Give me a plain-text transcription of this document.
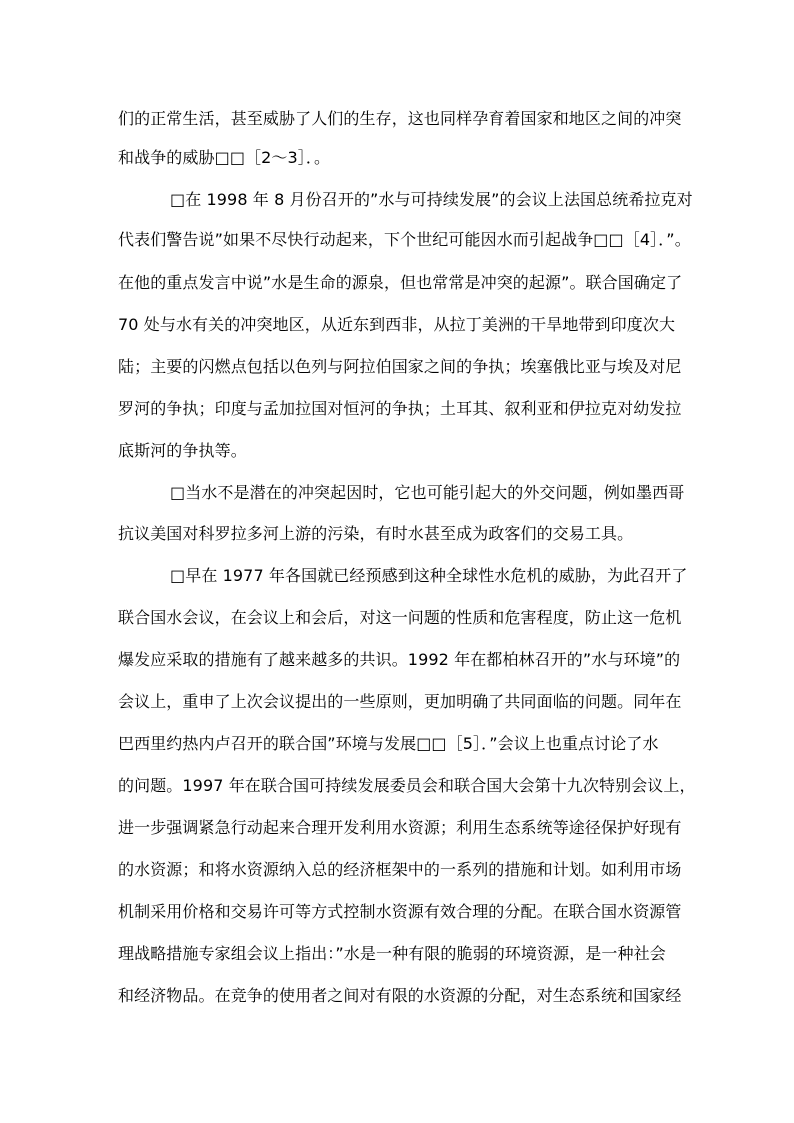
们的正常生活，甚至威胁了人们的生存，这也同样孕育着国家和地区之间的冲突
和战争的威胁□□［2～3］．。
□在 1998 年 8 月份召开的”水与可持续发展”的会议上法国总统希拉克对
代表们警告说”如果不尽快行动起来，下个世纪可能因水而引起战争□□［4］．”。
在他的重点发言中说”水是生命的源泉，但也常常是冲突的起源”。联合国确定了
70 处与水有关的冲突地区，从近东到西非，从拉丁美洲的干旱地带到印度次大
陆；主要的闪燃点包括以色列与阿拉伯国家之间的争执；埃塞俄比亚与埃及对尼
罗河的争执；印度与孟加拉国对恒河的争执；土耳其、叙利亚和伊拉克对幼发拉
底斯河的争执等。
□当水不是潜在的冲突起因时，它也可能引起大的外交问题，例如墨西哥
抗议美国对科罗拉多河上游的污染，有时水甚至成为政客们的交易工具。
□早在 1977 年各国就已经预感到这种全球性水危机的威胁，为此召开了
联合国水会议，在会议上和会后，对这一问题的性质和危害程度，防止这一危机
爆发应采取的措施有了越来越多的共识。1992 年在都柏林召开的”水与环境”的
会议上，重申了上次会议提出的一些原则，更加明确了共同面临的问题。同年在
巴西里约热内卢召开的联合国”环境与发展□□［5］．”会议上也重点讨论了水
的问题。1997 年在联合国可持续发展委员会和联合国大会第十九次特别会议上，
进一步强调紧急行动起来合理开发利用水资源；利用生态系统等途径保护好现有
的水资源；和将水资源纳入总的经济框架中的一系列的措施和计划。如利用市场
机制采用价格和交易许可等方式控制水资源有效合理的分配。在联合国水资源管
理战略措施专家组会议上指出：”水是一种有限的脆弱的环境资源，是一种社会
和经济物品。在竞争的使用者之间对有限的水资源的分配，对生态系统和国家经
